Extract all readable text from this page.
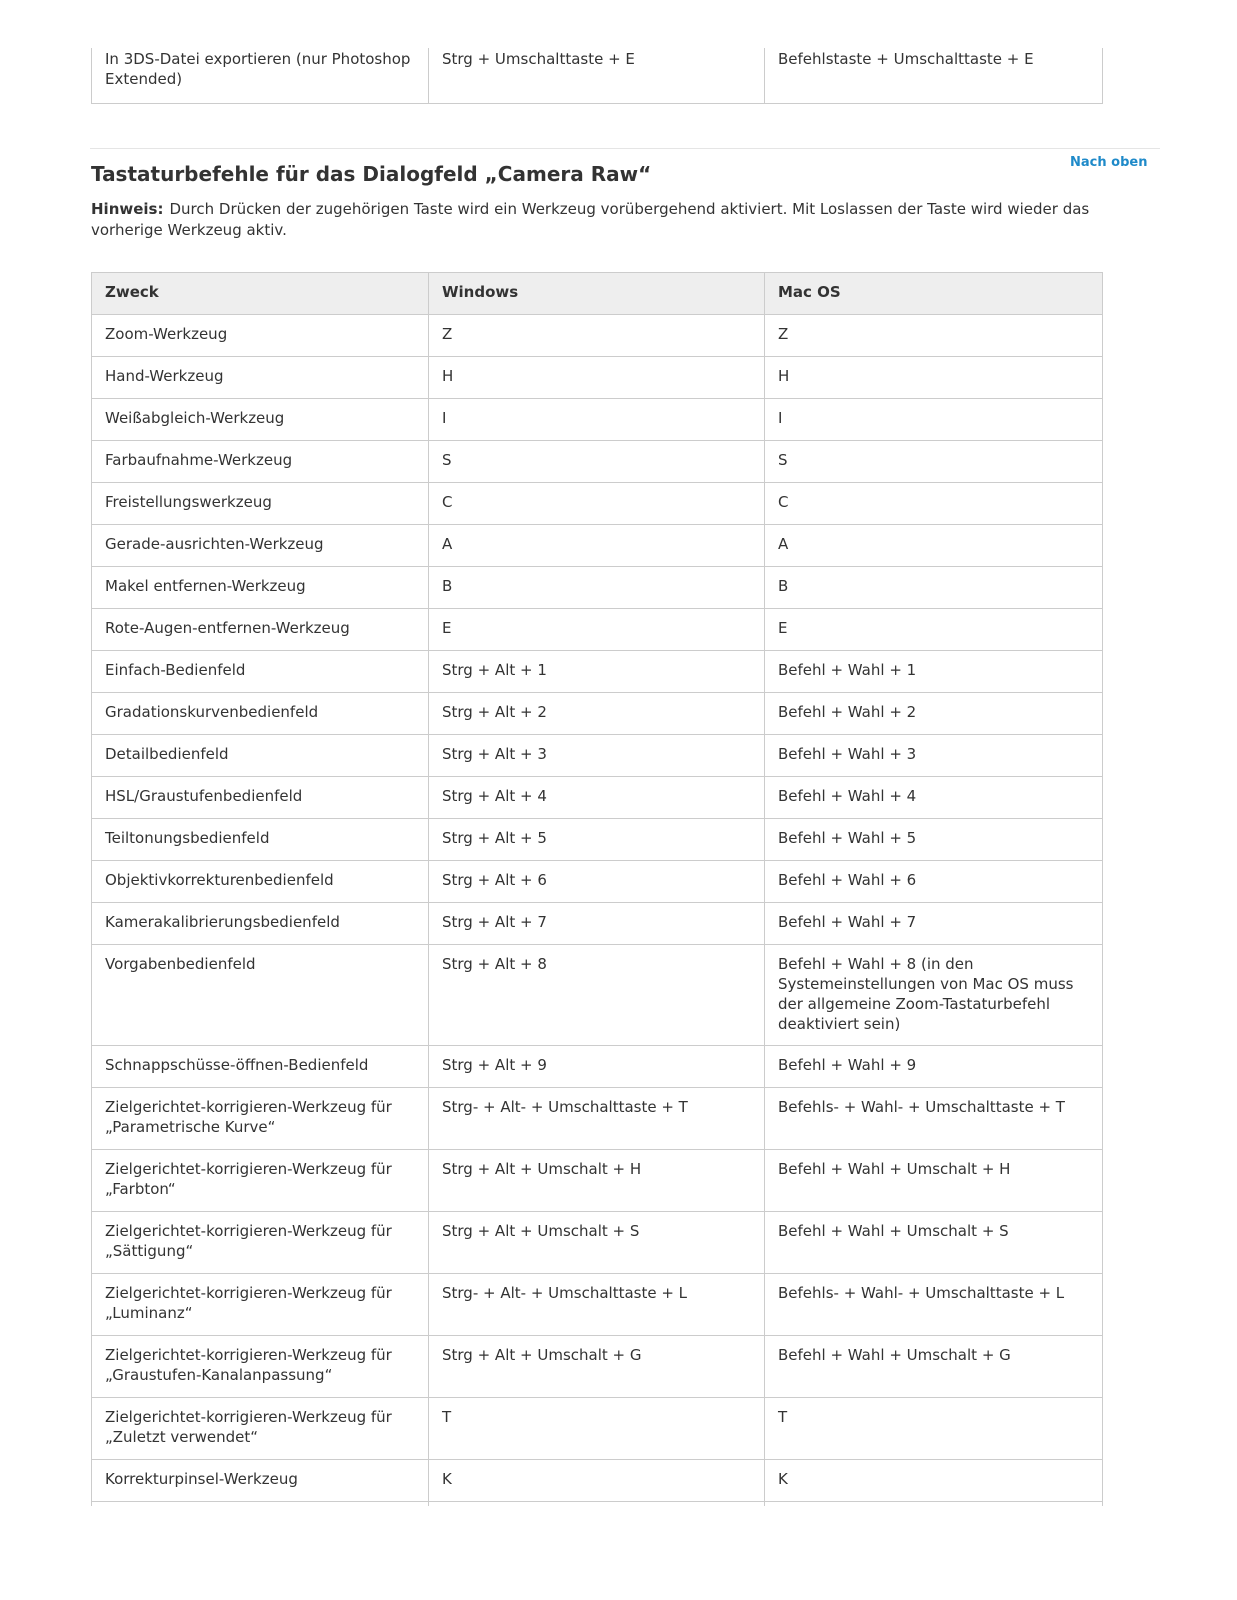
In 3DS-Datei exportieren (nur Photoshop Extended)	Strg + Umschalttaste + E	Befehlstaste + Umschalttaste + E
Nach oben
Tastaturbefehle für das Dialogfeld „Camera Raw“

Hinweis: Durch Drücken der zugehörigen Taste wird ein Werkzeug vorübergehend aktiviert. Mit Loslassen der Taste wird wieder das vorherige Werkzeug aktiv.

Zweck	Windows	Mac OS
Zoom-Werkzeug	Z	Z
Hand-Werkzeug	H	H
Weißabgleich-Werkzeug	I	I
Farbaufnahme-Werkzeug	S	S
Freistellungswerkzeug	C	C
Gerade-ausrichten-Werkzeug	A	A
Makel entfernen-Werkzeug	B	B
Rote-Augen-entfernen-Werkzeug	E	E
Einfach-Bedienfeld	Strg + Alt + 1	Befehl + Wahl + 1
Gradationskurvenbedienfeld	Strg + Alt + 2	Befehl + Wahl + 2
Detailbedienfeld	Strg + Alt + 3	Befehl + Wahl + 3
HSL/Graustufenbedienfeld	Strg + Alt + 4	Befehl + Wahl + 4
Teiltonungsbedienfeld	Strg + Alt + 5	Befehl + Wahl + 5
Objektivkorrekturenbedienfeld	Strg + Alt + 6	Befehl + Wahl + 6
Kamerakalibrierungsbedienfeld	Strg + Alt + 7	Befehl + Wahl + 7
Vorgabenbedienfeld	Strg + Alt + 8	Befehl + Wahl + 8 (in den Systemeinstellungen von Mac OS muss der allgemeine Zoom-Tastaturbefehl deaktiviert sein)
Schnappschüsse-öffnen-Bedienfeld	Strg + Alt + 9	Befehl + Wahl + 9
Zielgerichtet-korrigieren-Werkzeug für „Parametrische Kurve“	Strg- + Alt- + Umschalttaste + T	Befehls- + Wahl- + Umschalttaste + T
Zielgerichtet-korrigieren-Werkzeug für „Farbton“	Strg + Alt + Umschalt + H	Befehl + Wahl + Umschalt + H
Zielgerichtet-korrigieren-Werkzeug für „Sättigung“	Strg + Alt + Umschalt + S	Befehl + Wahl + Umschalt + S
Zielgerichtet-korrigieren-Werkzeug für „Luminanz“	Strg- + Alt- + Umschalttaste + L	Befehls- + Wahl- + Umschalttaste + L
Zielgerichtet-korrigieren-Werkzeug für „Graustufen-Kanalanpassung“	Strg + Alt + Umschalt + G	Befehl + Wahl + Umschalt + G
Zielgerichtet-korrigieren-Werkzeug für „Zuletzt verwendet“	T	T
Korrekturpinsel-Werkzeug	K	K
